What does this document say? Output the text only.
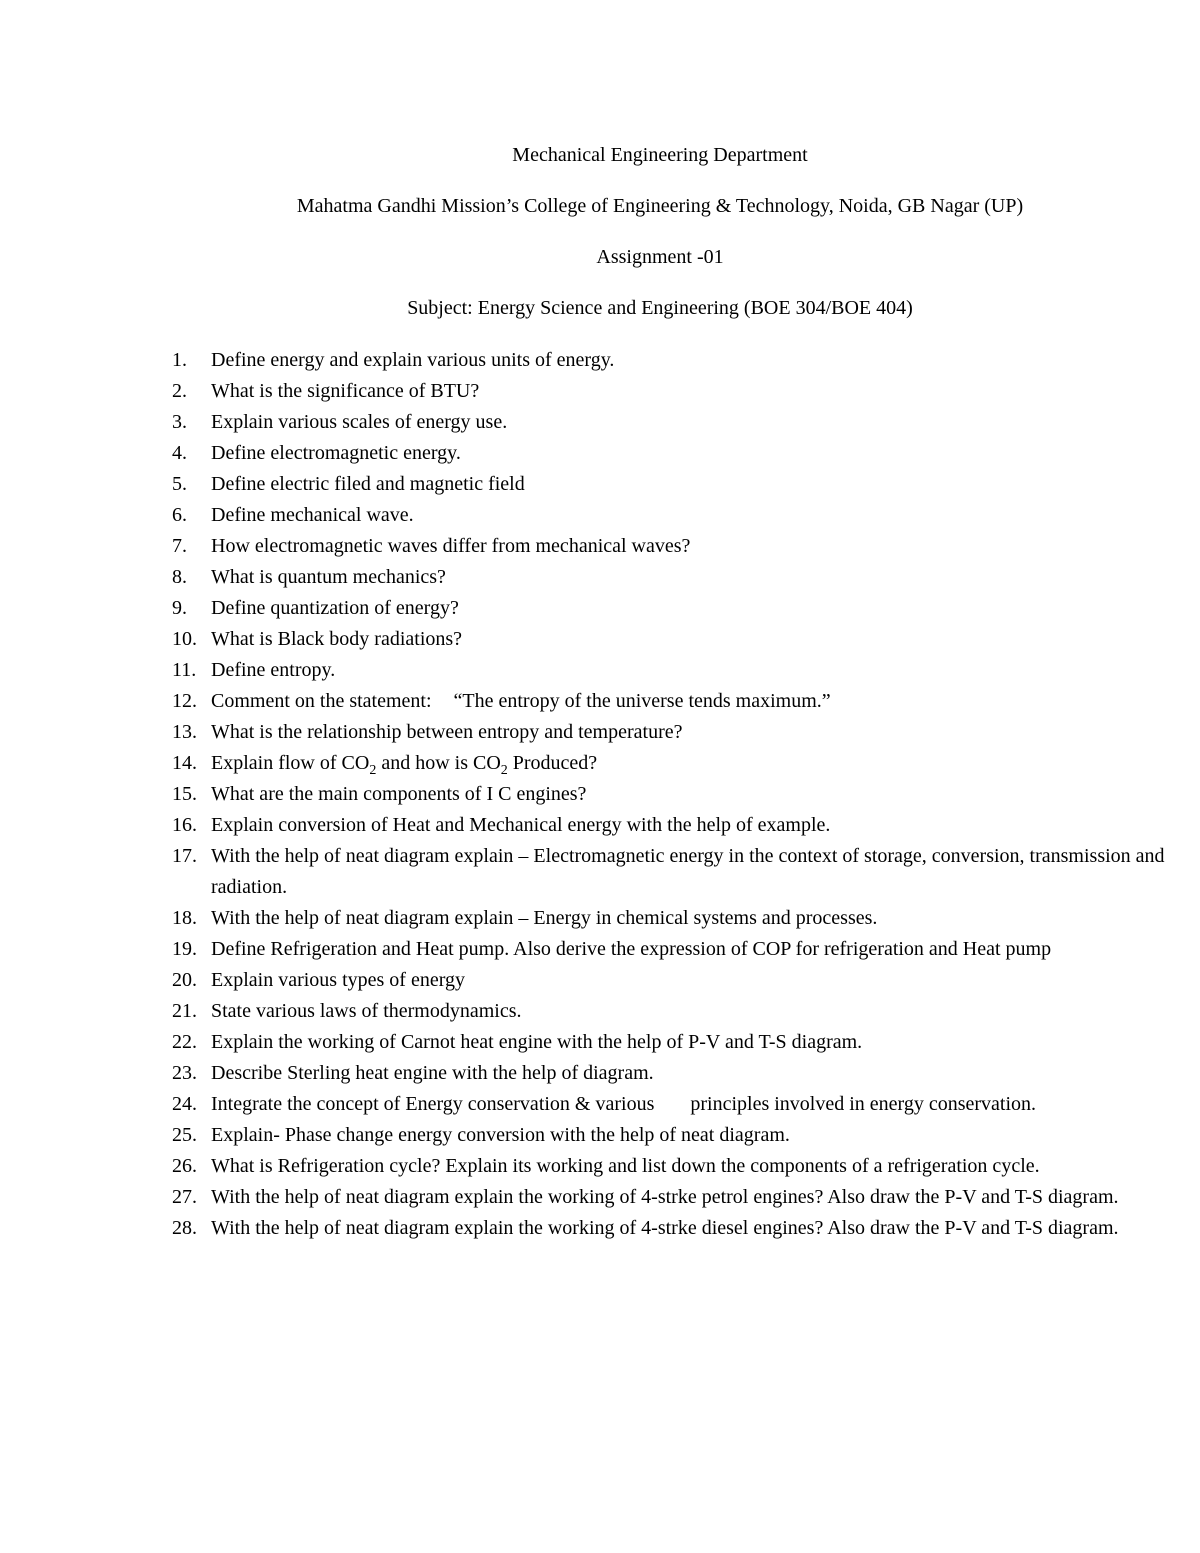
Mechanical Engineering Department
Mahatma Gandhi Mission’s College of Engineering & Technology, Noida, GB Nagar (UP)
Assignment -01
Subject: Energy Science and Engineering (BOE 304/BOE 404)
1.	Define energy and explain various units of energy.
2.	What is the significance of BTU?
3.	Explain various scales of energy use.
4.	Define electromagnetic energy.
5.	Define electric filed and magnetic field
6.	Define mechanical wave.
7.	How electromagnetic waves differ from mechanical waves?
8.	What is quantum mechanics?
9.	Define quantization of energy?
10. What is Black body radiations?
11. Define entropy.
12. Comment on the statement: “The entropy of the universe tends maximum.”
13. What is the relationship between entropy and temperature?
14. Explain flow of $CO_2$ and how is $CO_2$ Produced?
15. What are the main components of I C engines?
16. Explain conversion of Heat and Mechanical energy with the help of example.
17. With the help of neat diagram explain – Electromagnetic energy in the context of storage, conversion, transmission and radiation.
18. With the help of neat diagram explain – Energy in chemical systems and processes.
19. Define Refrigeration and Heat pump. Also derive the expression of COP for refrigeration and Heat pump
20. Explain various types of energy
21. State various laws of thermodynamics.
22. Explain the working of Carnot heat engine with the help of P-V and T-S diagram.
23. Describe Sterling heat engine with the help of diagram.
24. Integrate the concept of Energy conservation & various principles involved in energy conservation.
25. Explain- Phase change energy conversion with the help of neat diagram.
26. What is Refrigeration cycle? Explain its working and list down the components of a refrigeration cycle.
27. With the help of neat diagram explain the working of 4-strke petrol engines? Also draw the P-V and T-S diagram.
28. With the help of neat diagram explain the working of 4-strke diesel engines? Also draw the P-V and T-S diagram.
